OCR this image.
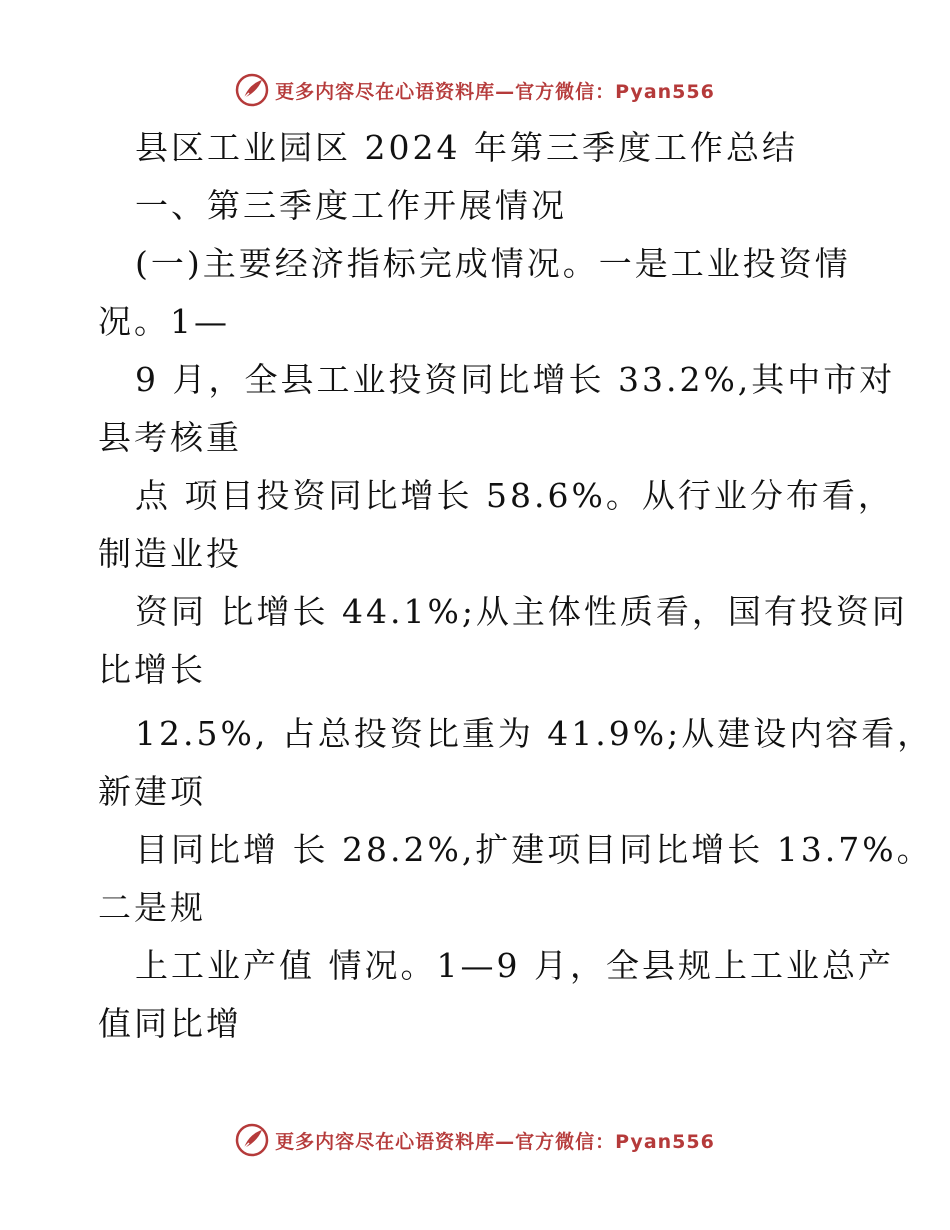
更多内容尽在心语资料库—官方微信：Pyan556

县区工业园区 2024 年第三季度工作总结

一、第三季度工作开展情况

(一)主要经济指标完成情况。一是工业投资情

况。1—

9 月，全县工业投资同比增长 33.2%,其中市对

县考核重

点 项目投资同比增长 58.6%。从行业分布看，

制造业投

资同 比增长 44.1%;从主体性质看，国有投资同

比增长

12.5%, 占总投资比重为 41.9%;从建设内容看，

新建项

目同比增 长 28.2%,扩建项目同比增长 13.7%。

二是规

上工业产值 情况。1—9 月，全县规上工业总产

值同比增

更多内容尽在心语资料库—官方微信：Pyan556
